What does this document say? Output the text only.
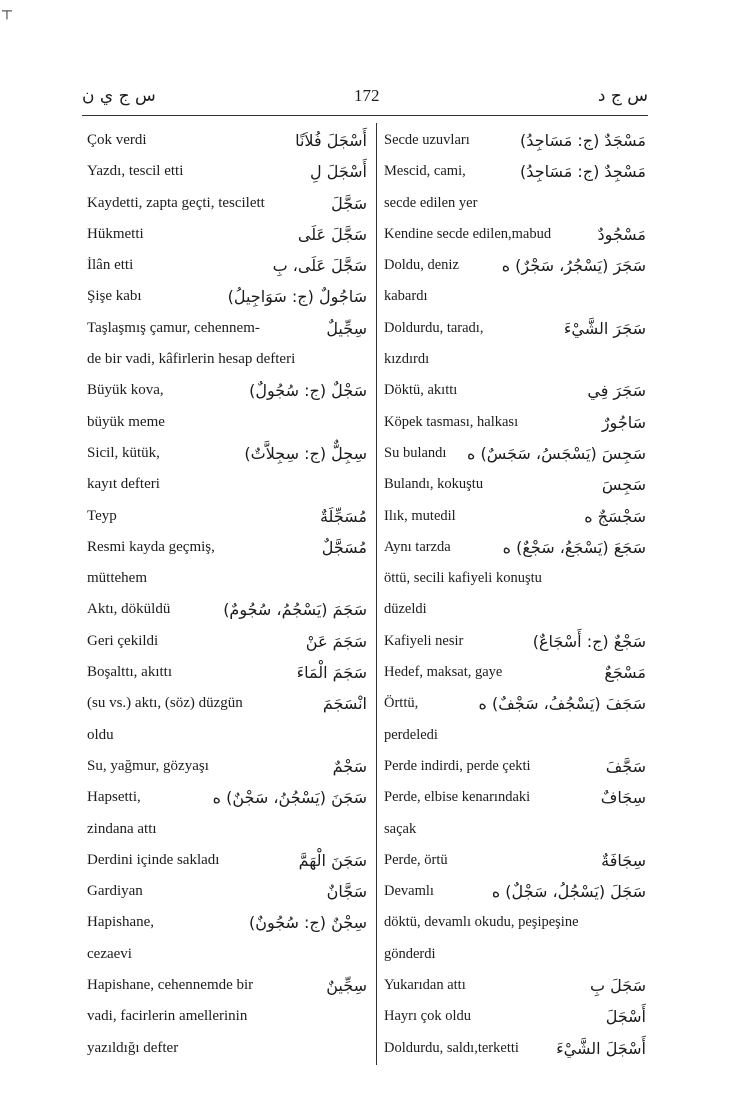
┬
س ج ي ن	172	س ج د
Çok verdi	أَسْجَلَ فُلاَنًا
Yazdı, tescil etti	أَسْجَلَ لِ
Kaydetti, zapta geçti, tescilett	سَجَّلَ
Hükmetti	سَجَّلَ عَلَى
İlân etti	سَجَّلَ عَلَى، بِ
Şişe kabı	سَاجُولٌ (ج: سَوَاجِيلُ)
Taşlaşmış çamur, cehennem-	سِجِّيلٌ
de bir vadi, kâfirlerin hesap defteri
Büyük kova,	سَجْلٌ (ج: سُجُولٌ)
büyük meme
Sicil, kütük,	سِجِلٌّ (ج: سِجِلاَّتٌ)
kayıt defteri
Teyp	مُسَجِّلَةٌ
Resmi kayda geçmiş,	مُسَجَّلٌ
müttehem
Aktı, döküldü	سَجَمَ (يَسْجُمُ، سُجُومٌ)
Geri çekildi	سَجَمَ عَنْ
Boşalttı, akıttı	سَجَمَ الْمَاءَ
(su vs.) aktı, (söz) düzgün	انْسَجَمَ
oldu
Su, yağmur, gözyaşı	سَجْمٌ
Hapsetti,	سَجَنَ (يَسْجُنُ، سَجْنٌ) ه
zindana attı
Derdini içinde sakladı	سَجَنَ الْهَمَّ
Gardiyan	سَجَّانٌ
Hapishane,	سِجْنٌ (ج: سُجُونٌ)
cezaevi
Hapishane, cehennemde bir	سِجِّينٌ
vadi, facirlerin amellerinin
yazıldığı defter
Secde uzuvları	مَسْجَدٌ (ج: مَسَاجِدُ)
Mescid, cami,	مَسْجِدٌ (ج: مَسَاجِدُ)
secde edilen yer
Kendine secde edilen,mabud	مَسْجُودٌ
Doldu, deniz	سَجَرَ (يَسْجُرُ، سَجْرٌ) ه
kabardı
Doldurdu, taradı,	سَجَرَ الشَّيْءَ
kızdırdı
Döktü, akıttı	سَجَرَ فِي
Köpek tasması, halkası	سَاجُورٌ
Su bulandı سَجِسَ (يَسْجَسُ، سَجَسٌ) ه
Bulandı, kokuştu	سَجِسَ
Ilık, mutedil	سَجْسَجٌ ه
Aynı tarzda	سَجَعَ (يَسْجَعُ، سَجْعٌ) ه
öttü, secili kafiyeli konuştu
düzeldi
Kafiyeli nesir	سَجْعٌ (ج: أَسْجَاعٌ)
Hedef, maksat, gaye	مَسْجَعٌ
Örttü,	سَجَفَ (يَسْجُفُ، سَجْفٌ) ه
perdeledi
Perde indirdi, perde çekti	سَجَّفَ
Perde, elbise kenarındaki	سِجَافٌ
saçak
Perde, örtü	سِجَافَةٌ
Devamlı	سَجَلَ (يَسْجُلُ، سَجْلٌ) ه
döktü, devamlı okudu, peşipeşine
gönderdi
Yukarıdan attı	سَجَلَ بِ
Hayrı çok oldu	أَسْجَلَ
Doldurdu, saldı,terketti أَسْجَلَ الشَّيْءَ
